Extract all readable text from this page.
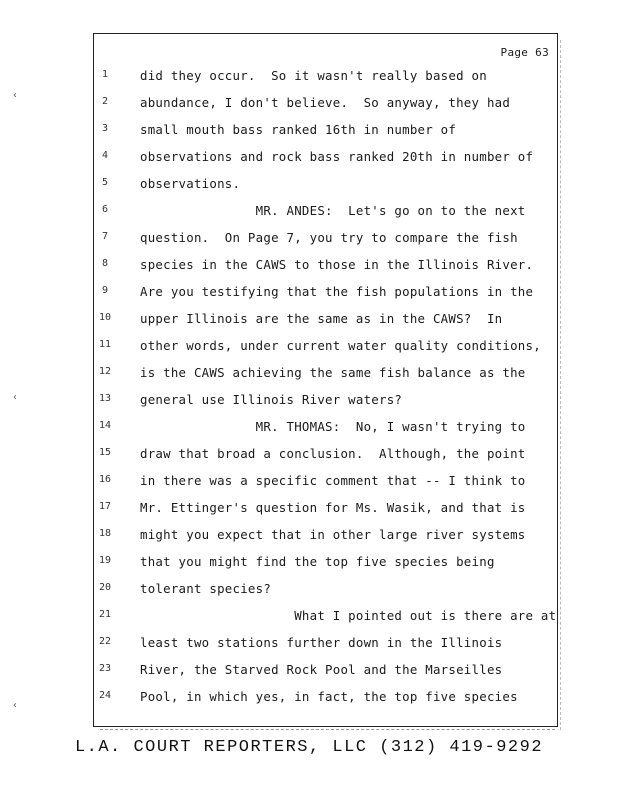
Page 63
‹
‹
‹
1	did they occur.  So it wasn't really based on
2	abundance, I don't believe.  So anyway, they had
3	small mouth bass ranked 16th in number of
4	observations and rock bass ranked 20th in number of
5	observations.
6	MR. ANDES:  Let's go on to the next
7	question.  On Page 7, you try to compare the fish
8	species in the CAWS to those in the Illinois River.
9	Are you testifying that the fish populations in the
10 upper Illinois are the same as in the CAWS?  In
11 other words, under current water quality conditions,
12 is the CAWS achieving the same fish balance as the
13 general use Illinois River waters?
14 MR. THOMAS:  No, I wasn't trying to
15 draw that broad a conclusion.  Although, the point
16 in there was a specific comment that -- I think to
17 Mr. Ettinger's question for Ms. Wasik, and that is
18 might you expect that in other large river systems
19 that you might find the top five species being
20 tolerant species?
21 What I pointed out is there are at
22 least two stations further down in the Illinois
23 River, the Starved Rock Pool and the Marseilles
24 Pool, in which yes, in fact, the top five species
L.A. COURT REPORTERS, LLC (312) 419-9292
